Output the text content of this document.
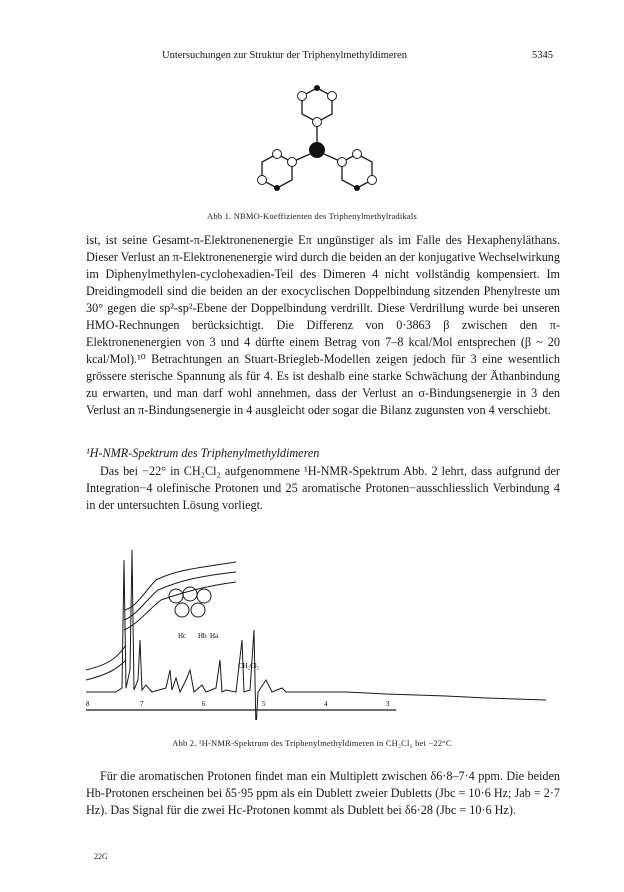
Untersuchungen zur Struktur der Triphenylmethyldimeren	5345
Abb 1. NBMO-Koeffizienten des Triphenylmethylradikals

ist, ist seine Gesamt-π-Elektronenenergie Eπ ungünstiger als im Falle des Hexaphenyläthans. Dieser Verlust an π-Elektronenenergie wird durch die beiden an der konjugative Wechselwirkung im Diphenylmethylen-cyclohexadien-Teil des Dimeren 4 nicht vollständig kompensiert. Im Dreidingmodell sind die beiden an der exocyclischen Doppelbindung sitzenden Phenylreste um 30° gegen die sp²-sp²-Ebene der Doppelbindung verdrillt. Diese Verdrillung wurde bei unseren HMO-Rechnungen berücksichtigt. Die Differenz von 0·3863 β zwischen den π-Elektronenenergien von 3 und 4 dürfte einem Betrag von 7–8 kcal/Mol entsprechen (β ~ 20 kcal/Mol).¹⁰ Betrachtungen an Stuart-Briegleb-Modellen zeigen jedoch für 3 eine wesentlich grössere sterische Spannung als für 4. Es ist deshalb eine starke Schwächung der Äthanbindung zu erwarten, und man darf wohl annehmen, dass der Verlust an σ-Bindungsenergie in 3 den Verlust an π-Bindungsenergie in 4 ausgleicht oder sogar die Bilanz zugunsten von 4 verschiebt.

¹H-NMR-Spektrum des Triphenylmethyldimeren

Das bei −22° in CH₂Cl₂ aufgenommene ¹H-NMR-Spektrum Abb. 2 lehrt, dass aufgrund der Integration−4 olefinische Protonen und 25 aromatische Protonen−ausschliesslich Verbindung 4 in der untersuchten Lösung vorliegt.

Hc Hb Ha
CH₂Cl₂
8	7	6	5	4	3
Abb 2. ¹H-NMR-Spektrum des Triphenylmethyldimeren in CH₂Cl₂ bei −22°C

Für die aromatischen Protonen findet man ein Multiplett zwischen δ6·8–7·4 ppm. Die beiden Hb-Protonen erscheinen bei δ5·95 ppm als ein Dublett zweier Dubletts (Jbc = 10·6 Hz; Jab = 2·7 Hz). Das Signal für die zwei Hc-Protonen kommt als Dublett bei δ6·28 (Jbc = 10·6 Hz).

22G
